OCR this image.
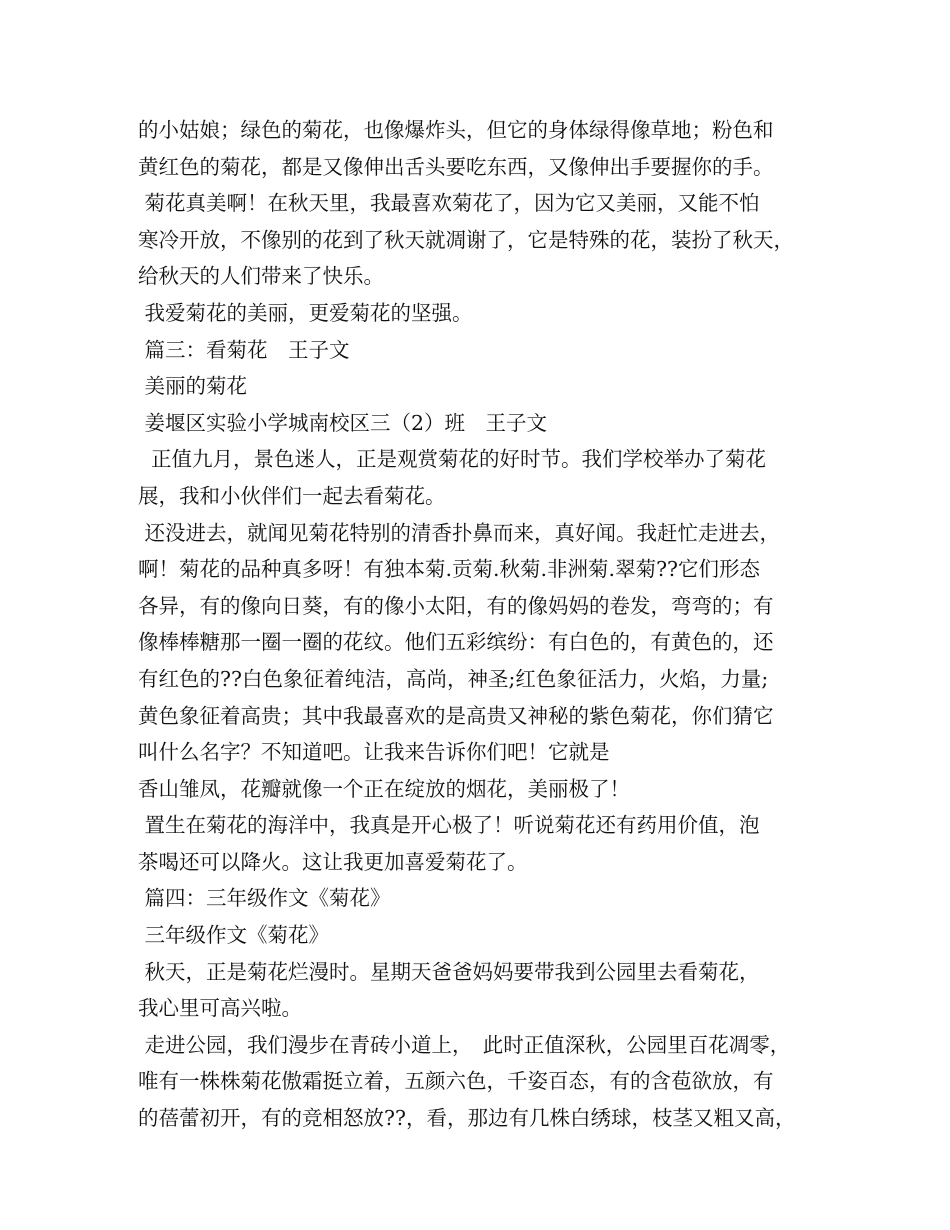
的小姑娘；绿色的菊花，也像爆炸头，但它的身体绿得像草地；粉色和
黄红色的菊花，都是又像伸出舌头要吃东西，又像伸出手要握你的手。
菊花真美啊！在秋天里，我最喜欢菊花了，因为它又美丽，又能不怕
寒冷开放，不像别的花到了秋天就凋谢了，它是特殊的花，装扮了秋天，
给秋天的人们带来了快乐。
我爱菊花的美丽，更爱菊花的坚强。
篇三：看菊花　王子文
美丽的菊花
姜堰区实验小学城南校区三（2）班　王子文
正值九月，景色迷人，正是观赏菊花的好时节。我们学校举办了菊花
展，我和小伙伴们一起去看菊花。
还没进去，就闻见菊花特别的清香扑鼻而来，真好闻。我赶忙走进去，
啊！菊花的品种真多呀！有独本菊.贡菊.秋菊.非洲菊.翠菊??它们形态
各异，有的像向日葵，有的像小太阳，有的像妈妈的卷发，弯弯的；有
像棒棒糖那一圈一圈的花纹。他们五彩缤纷：有白色的，有黄色的，还
有红色的??白色象征着纯洁，高尚，神圣;红色象征活力，火焰，力量;
黄色象征着高贵；其中我最喜欢的是高贵又神秘的紫色菊花，你们猜它
叫什么名字？不知道吧。让我来告诉你们吧！它就是
香山雏凤，花瓣就像一个正在绽放的烟花，美丽极了！
置生在菊花的海洋中，我真是开心极了！听说菊花还有药用价值，泡
茶喝还可以降火。这让我更加喜爱菊花了。
篇四：三年级作文《菊花》
三年级作文《菊花》
秋天，正是菊花烂漫时。星期天爸爸妈妈要带我到公园里去看菊花，
我心里可高兴啦。
走进公园，我们漫步在青砖小道上，　此时正值深秋，公园里百花凋零，
唯有一株株菊花傲霜挺立着，五颜六色，千姿百态，有的含苞欲放，有
的蓓蕾初开，有的竞相怒放??，看，那边有几株白绣球，枝茎又粗又高，
